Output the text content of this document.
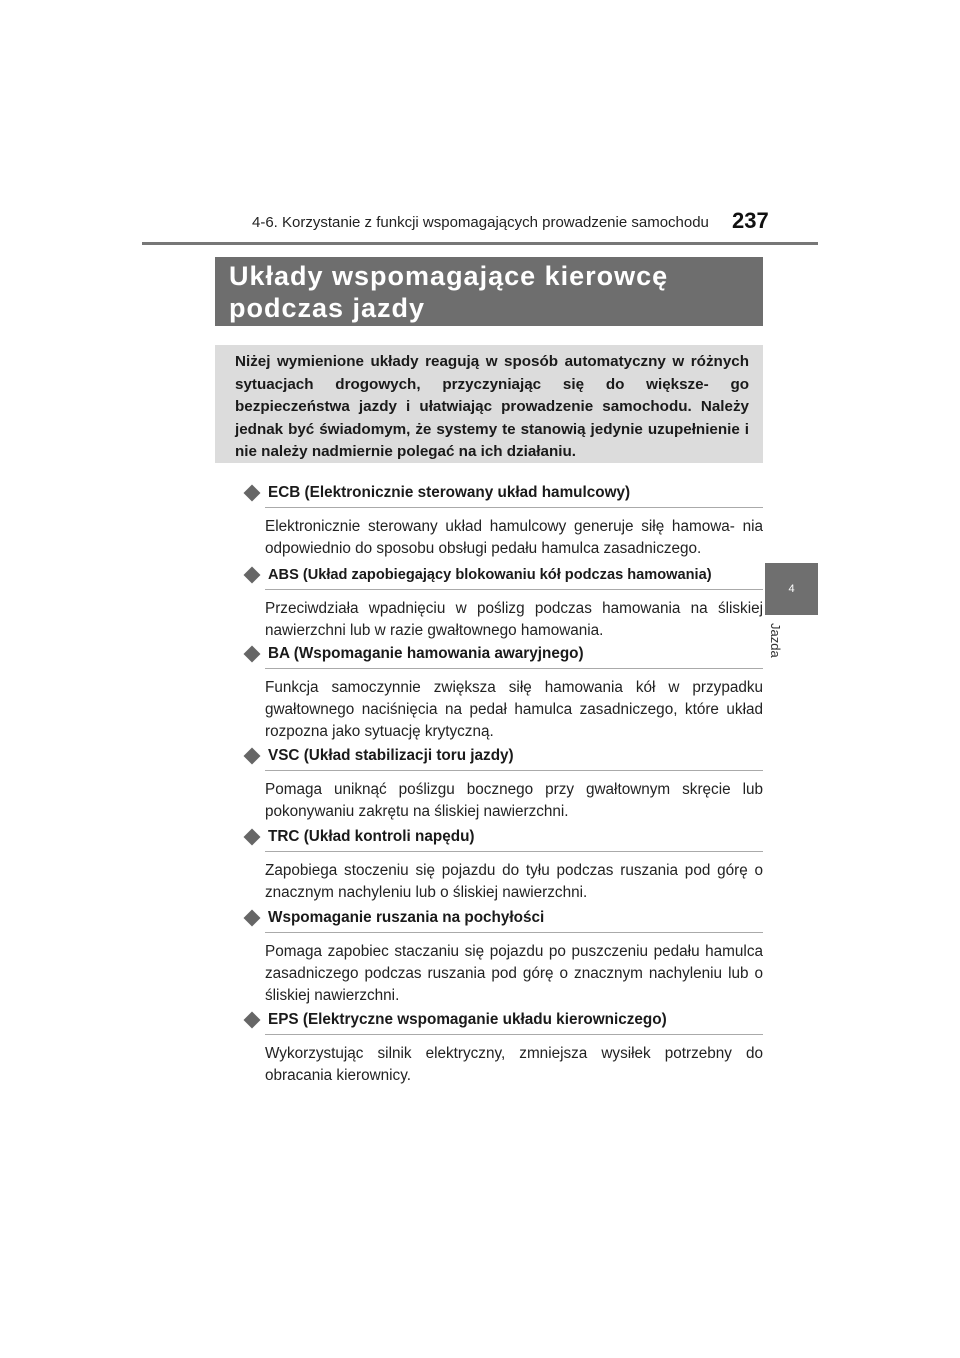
4-6. Korzystanie z funkcji wspomagających prowadzenie samochodu 237
4
Jazda
Układy wspomagające kierowcę
podczas jazdy
Niżej wymienione układy reagują w sposób automatyczny w różnych sytuacjach drogowych, przyczyniając się do większe- go bezpieczeństwa jazdy i ułatwiając prowadzenie samochodu. Należy jednak być świadomym, że systemy te stanowią jedynie uzupełnienie i nie należy nadmiernie polegać na ich działaniu.
ECB (Elektronicznie sterowany układ hamulcowy)
Elektronicznie sterowany układ hamulcowy generuje siłę hamowa- nia odpowiednio do sposobu obsługi pedału hamulca zasadniczego.
ABS (Układ zapobiegający blokowaniu kół podczas hamowania)
Przeciwdziała wpadnięciu w poślizg podczas hamowania na śliskiej nawierzchni lub w razie gwałtownego hamowania.
BA (Wspomaganie hamowania awaryjnego)
Funkcja samoczynnie zwiększa siłę hamowania kół w przypadku gwałtownego naciśnięcia na pedał hamulca zasadniczego, które układ rozpozna jako sytuację krytyczną.
VSC (Układ stabilizacji toru jazdy)
Pomaga uniknąć poślizgu bocznego przy gwałtownym skręcie lub pokonywaniu zakrętu na śliskiej nawierzchni.
TRC (Układ kontroli napędu)
Zapobiega stoczeniu się pojazdu do tyłu podczas ruszania pod górę o znacznym nachyleniu lub o śliskiej nawierzchni.
Wspomaganie ruszania na pochyłości
Pomaga zapobiec staczaniu się pojazdu po puszczeniu pedału hamulca zasadniczego podczas ruszania pod górę o znacznym nachyleniu lub o śliskiej nawierzchni.
EPS (Elektryczne wspomaganie układu kierowniczego)
Wykorzystując silnik elektryczny, zmniejsza wysiłek potrzebny do obracania kierownicy.
